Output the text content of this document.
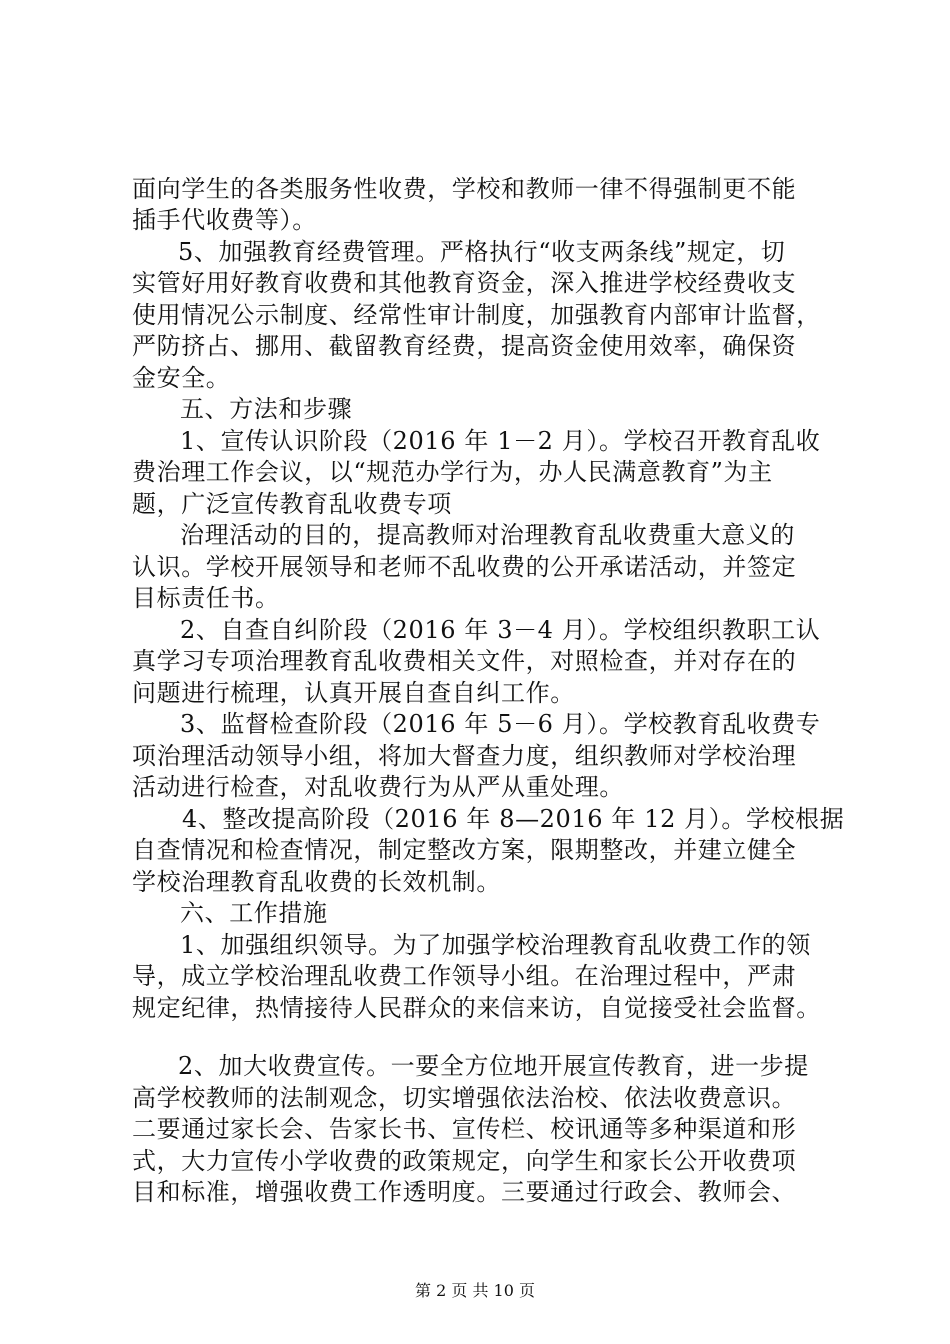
面向学生的各类服务性收费，学校和教师一律不得强制更不能
插手代收费等）。
5、加强教育经费管理。严格执行“收支两条线”规定，切
实管好用好教育收费和其他教育资金，深入推进学校经费收支
使用情况公示制度、经常性审计制度，加强教育内部审计监督，
严防挤占、挪用、截留教育经费，提高资金使用效率，确保资
金安全。
五、方法和步骤
1、宣传认识阶段（2016 年 1－2 月）。学校召开教育乱收
费治理工作会议，以“规范办学行为，办人民满意教育”为主
题，广泛宣传教育乱收费专项
治理活动的目的，提高教师对治理教育乱收费重大意义的
认识。学校开展领导和老师不乱收费的公开承诺活动，并签定
目标责任书。
2、自查自纠阶段（2016 年 3－4 月）。学校组织教职工认
真学习专项治理教育乱收费相关文件，对照检查，并对存在的
问题进行梳理，认真开展自查自纠工作。
3、监督检查阶段（2016 年 5－6 月）。学校教育乱收费专
项治理活动领导小组，将加大督查力度，组织教师对学校治理
活动进行检查，对乱收费行为从严从重处理。
4、整改提高阶段（2016 年 8—2016 年 12 月）。学校根据
自查情况和检查情况，制定整改方案，限期整改，并建立健全
学校治理教育乱收费的长效机制。
六、工作措施
1、加强组织领导。为了加强学校治理教育乱收费工作的领
导，成立学校治理乱收费工作领导小组。在治理过程中，严肃
规定纪律，热情接待人民群众的来信来访，自觉接受社会监督。
2、加大收费宣传。一要全方位地开展宣传教育，进一步提
高学校教师的法制观念，切实增强依法治校、依法收费意识。
二要通过家长会、告家长书、宣传栏、校讯通等多种渠道和形
式，大力宣传小学收费的政策规定，向学生和家长公开收费项
目和标准，增强收费工作透明度。三要通过行政会、教师会、
第 2 页 共 10 页
